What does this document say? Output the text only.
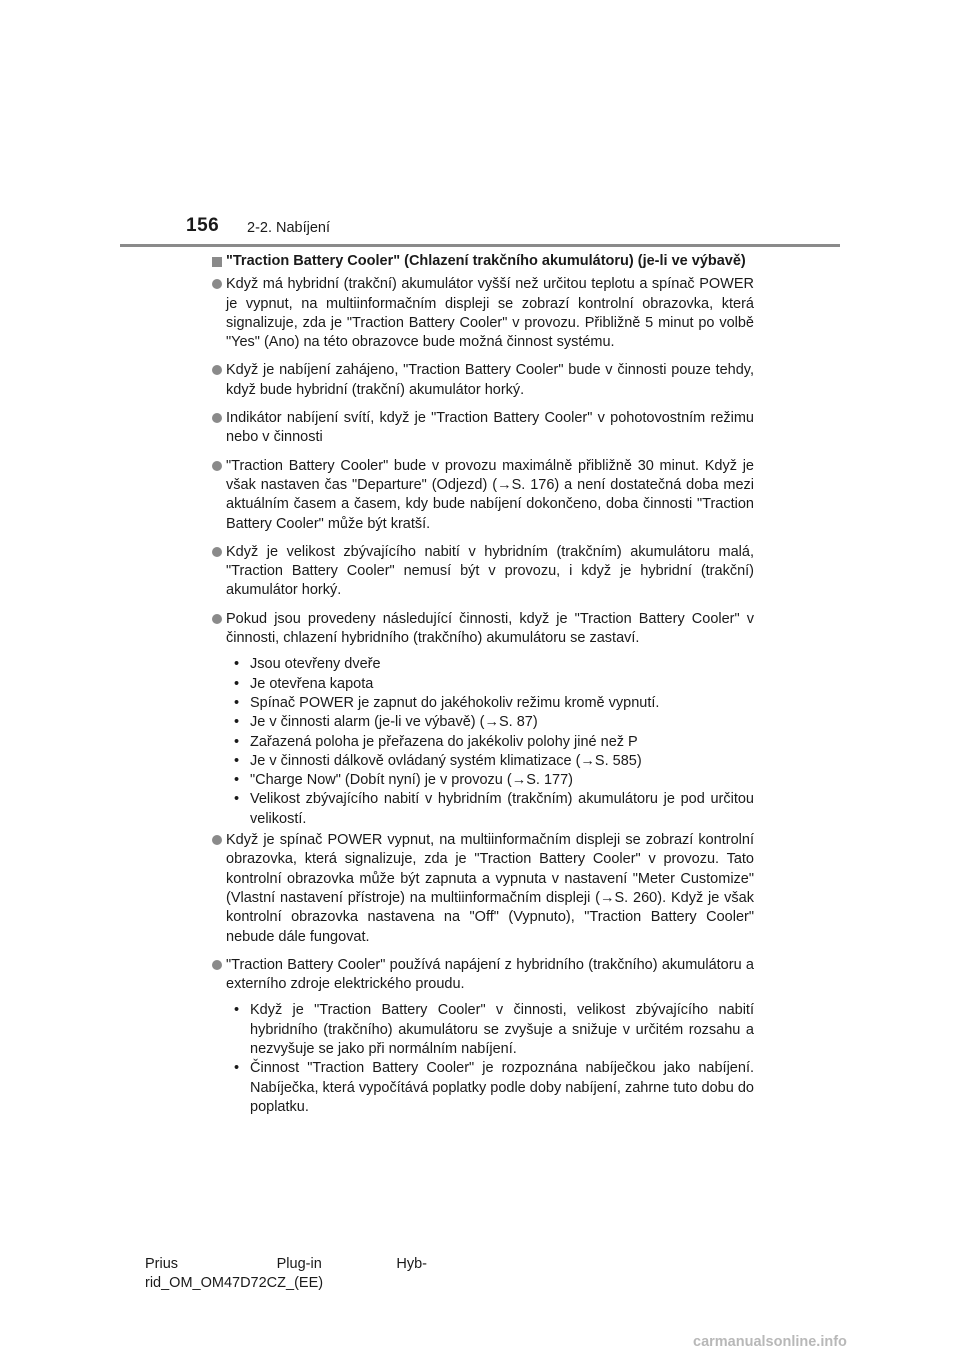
156 2-2. Nabíjení
"Traction Battery Cooler" (Chlazení trakčního akumulátoru) (je-li ve výbavě)
Když má hybridní (trakční) akumulátor vyšší než určitou teplotu a spínač POWER je vypnut, na multiinformačním displeji se zobrazí kontrolní obrazovka, která signalizuje, zda je "Traction Battery Cooler" v provozu. Přibližně 5 minut po volbě "Yes" (Ano) na této obrazovce bude možná činnost systému.
Když je nabíjení zahájeno, "Traction Battery Cooler" bude v činnosti pouze tehdy, když bude hybridní (trakční) akumulátor horký.
Indikátor nabíjení svítí, když je "Traction Battery Cooler" v pohotovostním režimu nebo v činnosti
"Traction Battery Cooler" bude v provozu maximálně přibližně 30 minut. Když je však nastaven čas "Departure" (Odjezd) (→S. 176) a není dostatečná doba mezi aktuálním časem a časem, kdy bude nabíjení dokončeno, doba činnosti "Traction Battery Cooler" může být kratší.
Když je velikost zbývajícího nabití v hybridním (trakčním) akumulátoru malá, "Traction Battery Cooler" nemusí být v provozu, i když je hybridní (trakční) akumulátor horký.
Pokud jsou provedeny následující činnosti, když je "Traction Battery Cooler" v činnosti, chlazení hybridního (trakčního) akumulátoru se zastaví.
• Jsou otevřeny dveře
• Je otevřena kapota
• Spínač POWER je zapnut do jakéhokoliv režimu kromě vypnutí.
• Je v činnosti alarm (je-li ve výbavě) (→S. 87)
• Zařazená poloha je přeřazena do jakékoliv polohy jiné než P
• Je v činnosti dálkově ovládaný systém klimatizace (→S. 585)
• "Charge Now" (Dobít nyní) je v provozu (→S. 177)
• Velikost zbývajícího nabití v hybridním (trakčním) akumulátoru je pod určitou velikostí.
Když je spínač POWER vypnut, na multiinformačním displeji se zobrazí kontrolní obrazovka, která signalizuje, zda je "Traction Battery Cooler" v provozu. Tato kontrolní obrazovka může být zapnuta a vypnuta v nastavení "Meter Customize" (Vlastní nastavení přístroje) na multiinformačním displeji (→S. 260). Když je však kontrolní obrazovka nastavena na "Off" (Vypnuto), "Traction Battery Cooler" nebude dále fungovat.
"Traction Battery Cooler" používá napájení z hybridního (trakčního) akumulátoru a externího zdroje elektrického proudu.
• Když je "Traction Battery Cooler" v činnosti, velikost zbývajícího nabití hybridního (trakčního) akumulátoru se zvyšuje a snižuje v určitém rozsahu a nezvyšuje se jako při normálním nabíjení.
• Činnost "Traction Battery Cooler" je rozpoznána nabíječkou jako nabíjení. Nabíječka, která vypočítává poplatky podle doby nabíjení, zahrne tuto dobu do poplatku.
Prius	Plug-in	Hyb-
rid_OM_OM47D72CZ_(EE)
carmanualsonline.info
